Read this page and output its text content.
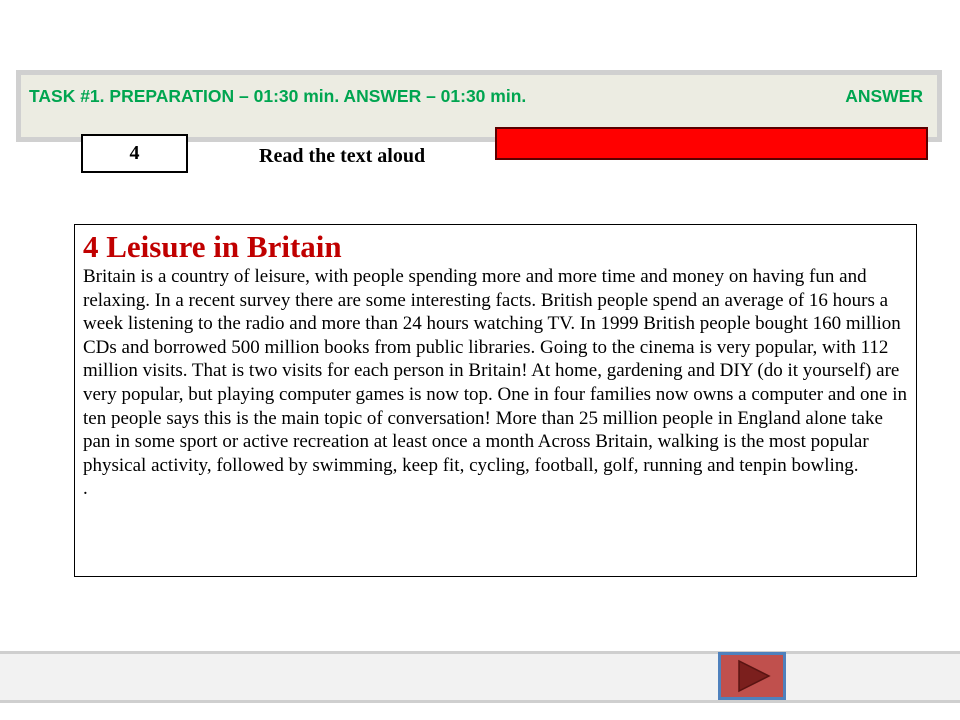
TASK #1. PREPARATION – 01:30 min. ANSWER – 01:30 min.	ANSWER
4	Read the text aloud
4 Leisure in Britain

Britain is a country of leisure, with people spending more and more time and money on having fun and relaxing. In a recent survey there are some interesting facts. British people spend an average of 16 hours a week listening to the radio and more than 24 hours watching TV. In 1999 British people bought 160 million CDs and borrowed 500 million books from public libraries. Going to the cinema is very popular, with 112 million visits. That is two visits for each person in Britain! At home, gardening and DIY (do it yourself) are very popular, but playing computer games is now top. One in four families now owns a computer and one in ten people says this is the main topic of conversation! More than 25 million people in England alone take pan in some sport or active recreation at least once a month Across Britain, walking is the most popular physical activity, followed by swimming, keep fit, cycling, football, golf, running and tenpin bowling.

.
